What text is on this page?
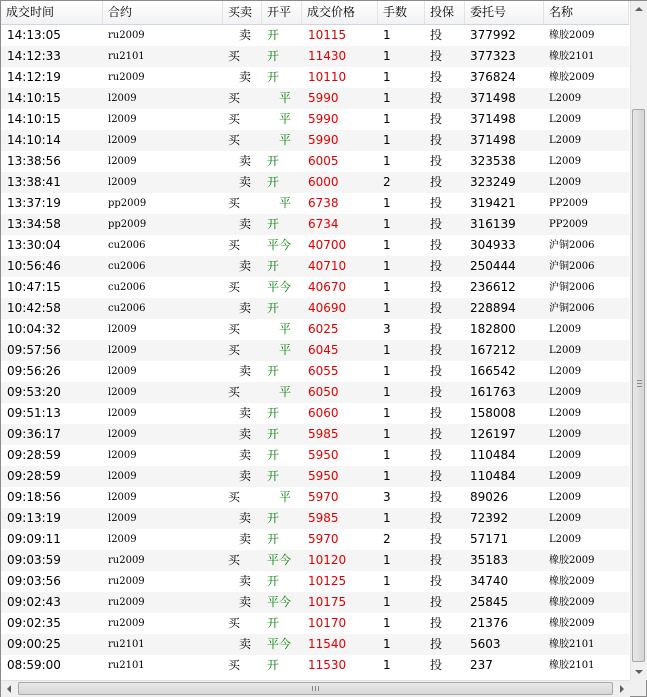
成交时间	合约	买卖	开平	成交价格	手数	投保	委托号	名称
14:13:05	ru2009	卖 开 10115	1	投 377992	橡胶2009
14:12:33	ru2101	买 开 11430	1	投 377323	橡胶2101
14:12:19	ru2009	卖 开 10110	1	投 376824	橡胶2009
14:10:15	l2009	买	平 5990	1	投 371498	L2009
14:10:15	l2009	买	平 5990	1	投 371498	L2009
14:10:14	l2009	买	平 5990	1	投 371498	L2009
13:38:56	l2009	卖 开 6005	1	投 323538	L2009
13:38:41	l2009	卖 开 6000	2	投 323249	L2009
13:37:19	pp2009	买	平 6738	1	投 319421	PP2009
13:34:58	pp2009	卖 开 6734	1	投 316139	PP2009
13:30:04	cu2006	买 平今 40700	1	投 304933	沪铜2006
10:56:46	cu2006	卖 开 40710	1	投 250444	沪铜2006
10:47:15	cu2006	买 平今 40670	1	投 236612	沪铜2006
10:42:58	cu2006	卖 开 40690	1	投 228894	沪铜2006
10:04:32	l2009	买	平 6025	3	投 182800	L2009
09:57:56	l2009	买	平 6045	1	投 167212	L2009
09:56:26	l2009	卖 开 6055	1	投 166542	L2009
09:53:20	l2009	买	平 6050	1	投 161763	L2009
09:51:13	l2009	卖 开 6060	1	投 158008	L2009
09:36:17	l2009	卖 开 5985	1	投 126197	L2009
09:28:59	l2009	卖 开 5950	1	投 110484	L2009
09:28:59	l2009	卖 开 5950	1	投 110484	L2009
09:18:56	l2009	买	平 5970	3	投 89026	L2009
09:13:19	l2009	卖 开 5985	1	投 72392	L2009
09:09:11	l2009	卖 开 5970	2	投 57171	L2009
09:03:59	ru2009	买 平今 10120	1	投 35183	橡胶2009
09:03:56	ru2009	卖 开 10125	1	投 34740	橡胶2009
09:02:43	ru2009	卖 平今 10175	1	投 25845	橡胶2009
09:02:35	ru2009	买 开 10170	1	投 21376	橡胶2009
09:00:25	ru2101	卖 平今 11540	1	投 5603	橡胶2101
08:59:00	ru2101	买 开 11530	1	投 237	橡胶2101
